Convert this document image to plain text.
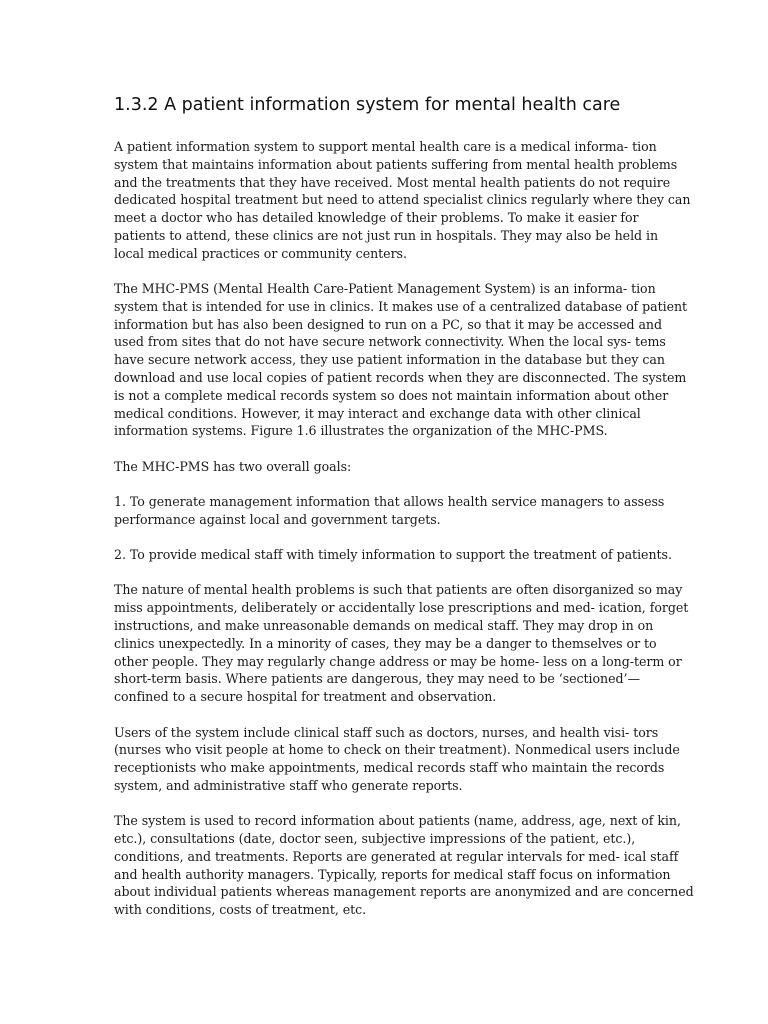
1.3.2 A patient information system for mental health care

A patient information system to support mental health care is a medical informa- tion
system that maintains information about patients suffering from mental health problems
and the treatments that they have received. Most mental health patients do not require
dedicated hospital treatment but need to attend specialist clinics regularly where they can
meet a doctor who has detailed knowledge of their problems. To make it easier for
patients to attend, these clinics are not just run in hospitals. They may also be held in
local medical practices or community centers.

The MHC-PMS (Mental Health Care-Patient Management System) is an informa- tion
system that is intended for use in clinics. It makes use of a centralized database of patient
information but has also been designed to run on a PC, so that it may be accessed and
used from sites that do not have secure network connectivity. When the local sys- tems
have secure network access, they use patient information in the database but they can
download and use local copies of patient records when they are disconnected. The system
is not a complete medical records system so does not maintain information about other
medical conditions. However, it may interact and exchange data with other clinical
information systems. Figure 1.6 illustrates the organization of the MHC-PMS.

The MHC-PMS has two overall goals:

1. To generate management information that allows health service managers to assess
performance against local and government targets.

2. To provide medical staff with timely information to support the treatment of patients.

The nature of mental health problems is such that patients are often disorganized so may
miss appointments, deliberately or accidentally lose prescriptions and med- ication, forget
instructions, and make unreasonable demands on medical staff. They may drop in on
clinics unexpectedly. In a minority of cases, they may be a danger to themselves or to
other people. They may regularly change address or may be home- less on a long-term or
short-term basis. Where patients are dangerous, they may need to be ‘sectioned’—
confined to a secure hospital for treatment and observation.

Users of the system include clinical staff such as doctors, nurses, and health visi- tors
(nurses who visit people at home to check on their treatment). Nonmedical users include
receptionists who make appointments, medical records staff who maintain the records
system, and administrative staff who generate reports.

The system is used to record information about patients (name, address, age, next of kin,
etc.), consultations (date, doctor seen, subjective impressions of the patient, etc.),
conditions, and treatments. Reports are generated at regular intervals for med- ical staff
and health authority managers. Typically, reports for medical staff focus on information
about individual patients whereas management reports are anonymized and are concerned
with conditions, costs of treatment, etc.
